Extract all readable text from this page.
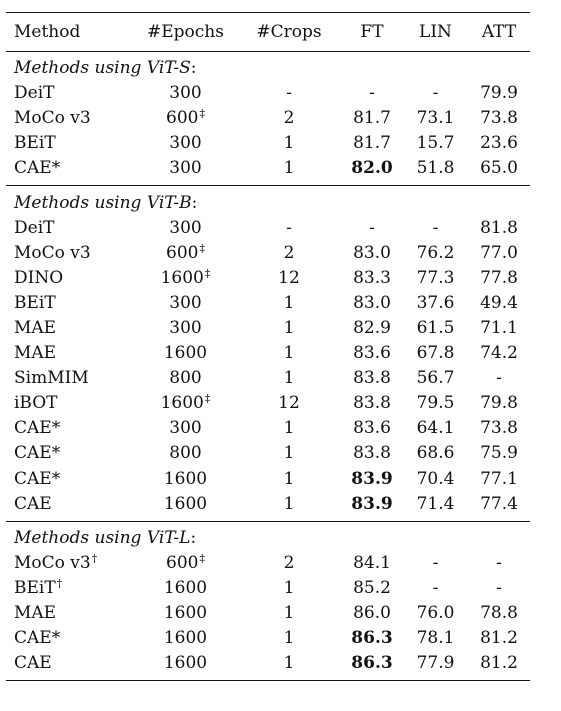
Method	#Epochs	#Crops	FT	LIN	ATT
Methods using ViT-S:
DeiT	300	-	-	-	79.9
MoCo v3	600‡	2	81.7	73.1	73.8
BEiT	300	1	81.7	15.7	23.6
CAE*	300	1	82.0	51.8	65.0
Methods using ViT-B:
DeiT	300	-	-	-	81.8
MoCo v3	600‡	2	83.0	76.2	77.0
DINO	1600‡	12	83.3	77.3	77.8
BEiT	300	1	83.0	37.6	49.4
MAE	300	1	82.9	61.5	71.1
MAE	1600	1	83.6	67.8	74.2
SimMIM	800	1	83.8	56.7	-
iBOT	1600‡	12	83.8	79.5	79.8
CAE*	300	1	83.6	64.1	73.8
CAE*	800	1	83.8	68.6	75.9
CAE*	1600	1	83.9	70.4	77.1
CAE	1600	1	83.9	71.4	77.4
Methods using ViT-L:
MoCo v3†	600‡	2	84.1	-	-
BEiT†	1600	1	85.2	-	-
MAE	1600	1	86.0	76.0	78.8
CAE*	1600	1	86.3	78.1	81.2
CAE	1600	1	86.3	77.9	81.2
